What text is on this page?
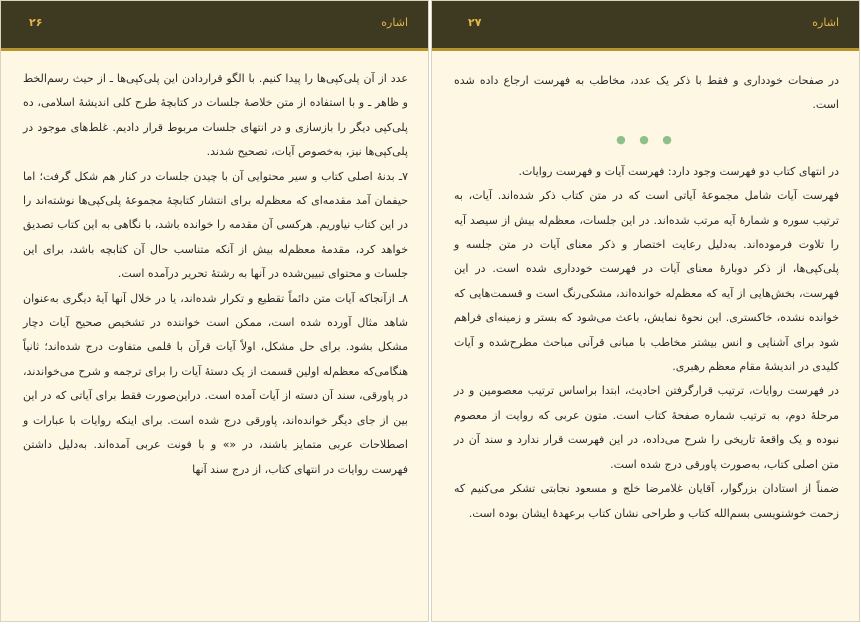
۲۶	اشاره

عدد از آن پلی‌کپی‌ها را پیدا کنیم. با الگو قراردادن این پلی‌کپی‌ها ـ از حیث رسم‌الخط و ظاهر ـ و با استفاده از متن خلاصهٔ جلسات در کتابچهٔ طرح کلی اندیشهٔ اسلامی، ده پلی‌کپی دیگر را بازسازی و در انتهای جلسات مربوط قرار دادیم. غلط‌های موجود در پلی‌کپی‌ها نیز، به‌خصوص آیات، تصحیح شدند.

۷ـ بدنهٔ اصلی کتاب و سیر محتوایی آن با چیدن جلسات در کنار هم شکل گرفت؛ اما حیفمان آمد مقدمه‌ای که معظم‌له برای انتشار کتابچهٔ مجموعهٔ پلی‌کپی‌ها نوشته‌اند را در این کتاب نیاوریم. هرکسی آن مقدمه را خوانده باشد، با نگاهی به این کتاب تصدیق خواهد کرد، مقدمهٔ معظم‌له بیش از آنکه متناسب حال آن کتابچه باشد، برای این جلسات و محتوای تبیین‌شده در آنها به رشتهٔ تحریر درآمده است.

۸ـ ازآنجاکه آیات متن دائماً تقطیع و تکرار شده‌اند، یا در خلال آنها آیهٔ دیگری به‌عنوان شاهد مثال آورده شده است، ممکن است خواننده در تشخیص صحیح آیات دچار مشکل بشود. برای حل مشکل، اولاً آیات قرآن با قلمی متفاوت درج شده‌اند؛ ثانیاً هنگامی‌که معظم‌له اولین قسمت از یک دستهٔ آیات را برای ترجمه و شرح می‌خواندند، در پاورقی، سند آن دسته از آیات آمده است. دراین‌صورت فقط برای آیاتی که در این بین از جای دیگر خوانده‌اند، پاورقی درج شده است. برای اینکه روایات با عبارات و اصطلاحات عربی متمایز باشند، در «» و با فونت عربی آمده‌اند. به‌دلیل داشتن فهرست روایات در انتهای کتاب، از درج سند آنها

۲۷	اشاره

در صفحات خودداری و فقط با ذکر یک عدد، مخاطب به فهرست ارجاع داده شده است.

● ● ●

در انتهای کتاب دو فهرست وجود دارد: فهرست آیات و فهرست روایات.

فهرست آیات شامل مجموعهٔ آیاتی است که در متن کتاب ذکر شده‌اند. آیات، به ترتیب سوره و شمارهٔ آیه مرتب شده‌اند. در این جلسات، معظم‌له بیش از سیصد آیه را تلاوت فرموده‌اند. به‌دلیل رعایت اختصار و ذکر معنای آیات در متن جلسه و پلی‌کپی‌ها، از ذکر دوبارهٔ معنای آیات در فهرست خودداری شده است. در این فهرست، بخش‌هایی از آیه که معظم‌له خوانده‌اند، مشکی‌رنگ است و قسمت‌هایی که خوانده نشده، خاکستری. این نحوهٔ نمایش، باعث می‌شود که بستر و زمینه‌ای فراهم شود برای آشنایی و انس بیشتر مخاطب با مبانی قرآنی مباحث مطرح‌شده و آیات کلیدی در اندیشهٔ مقام معظم رهبری.

در فهرست روایات، ترتیب قرارگرفتن احادیث، ابتدا براساس ترتیب معصومین و در مرحلهٔ دوم، به ترتیب شماره صفحهٔ کتاب است. متون عربی که روایت از معصوم نبوده و یک واقعهٔ تاریخی را شرح می‌داده، در این فهرست قرار ندارد و سند آن در متن اصلی کتاب، به‌صورت پاورقی درج شده است.

ضمناً از استادان بزرگوار، آقایان غلامرضا خلج و مسعود نجابتی تشکر می‌کنیم که زحمت خوشنویسی بسم‌الله کتاب و طراحی نشان کتاب برعهدهٔ ایشان بوده است.
